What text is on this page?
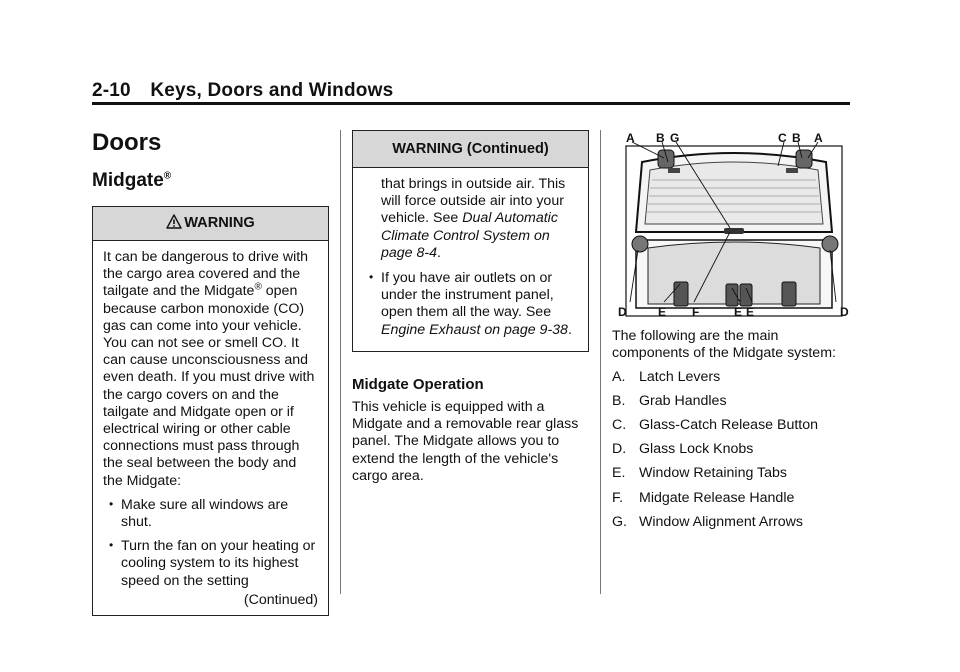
2-10 Keys, Doors and Windows
Doors
Midgate®
WARNING

It can be dangerous to drive with the cargo area covered and the tailgate and the Midgate® open because carbon monoxide (CO) gas can come into your vehicle. You can not see or smell CO. It can cause unconsciousness and even death. If you must drive with the cargo covers on and the tailgate and Midgate open or if electrical wiring or other cable connections must pass through the seal between the body and the Midgate:

• Make sure all windows are shut.
• Turn the fan on your heating or cooling system to its highest speed on the setting
(Continued)
WARNING (Continued)

that brings in outside air. This will force outside air into your vehicle. See Dual Automatic Climate Control System on page 8-4.

• If you have air outlets on or under the instrument panel, open them all the way. See Engine Exhaust on page 9-38.
Midgate Operation

This vehicle is equipped with a Midgate and a removable rear glass panel. The Midgate allows you to extend the length of the vehicle's cargo area.

A B G	C B A
D	E F	E E	D

The following are the main components of the Midgate system:

A. Latch Levers
B. Grab Handles
C. Glass-Catch Release Button
D. Glass Lock Knobs
E. Window Retaining Tabs
F. Midgate Release Handle
G. Window Alignment Arrows
